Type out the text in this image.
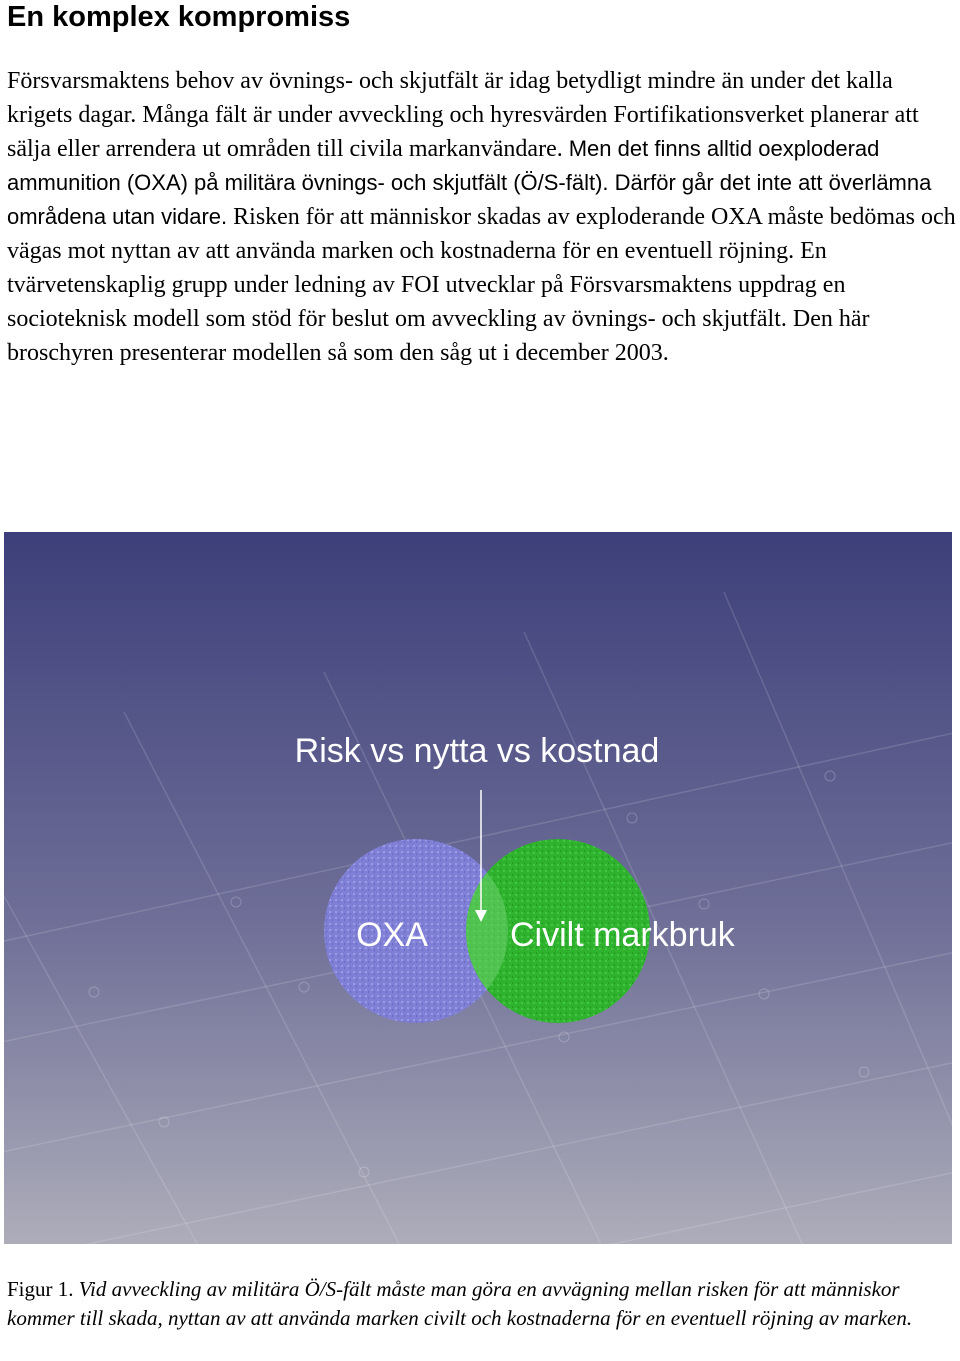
En komplex kompromiss

Försvarsmaktens behov av övnings- och skjutfält är idag betydligt mindre än under det kalla krigets dagar. Många fält är under avveckling och hyresvärden Fortifikationsverket planerar att sälja eller arrendera ut områden till civila markanvändare. Men det finns alltid oexploderad ammunition (OXA) på militära övnings- och skjutfält (Ö/S-fält). Därför går det inte att överlämna områdena utan vidare. Risken för att människor skadas av exploderande OXA måste bedömas och vägas mot nyttan av att använda marken och kostnaderna för en eventuell röjning. En tvärvetenskaplig grupp under ledning av FOI utvecklar på Försvarsmaktens uppdrag en socioteknisk modell som stöd för beslut om avveckling av övnings- och skjutfält. Den här broschyren presenterar modellen så som den såg ut i december 2003.

Risk vs nytta vs kostnad
OXA Civilt markbruk

Figur 1. Vid avveckling av militära Ö/S-fält måste man göra en avvägning mellan risken för att människor kommer till skada, nyttan av att använda marken civilt och kostnaderna för en eventuell röjning av marken.
